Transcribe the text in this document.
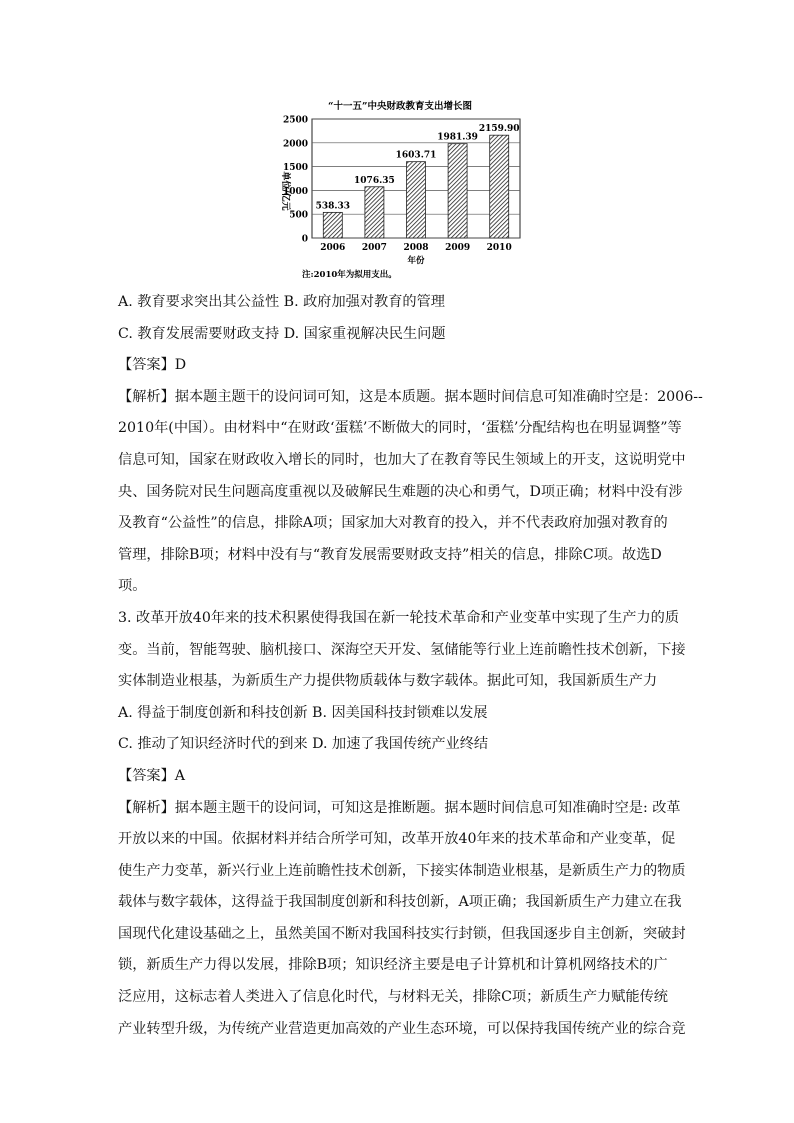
“十一五”中央财政教育支出增长图
单位/亿元
0
500
1000
1500
2000
2500
538.33
1076.35
1603.71
1981.39
2159.90
2006 2007 2008 2009 2010
年份
注:2010年为拟用支出。
A. 教育要求突出其公益性 B. 政府加强对教育的管理
C. 教育发展需要财政支持 D. 国家重视解决民生问题
【答案】D
【解析】据本题主题干的设问词可知，这是本质题。据本题时间信息可知准确时空是：2006--
2010年(中国）。由材料中“在财政‘蛋糕’不断做大的同时，‘蛋糕’分配结构也在明显调整”等
信息可知，国家在财政收入增长的同时，也加大了在教育等民生领域上的开支，这说明党中
央、国务院对民生问题高度重视以及破解民生难题的决心和勇气，D项正确；材料中没有涉
及教育“公益性”的信息，排除A项；国家加大对教育的投入，并不代表政府加强对教育的
管理，排除B项；材料中没有与“教育发展需要财政支持”相关的信息，排除C项。故选D
项。
3. 改革开放40年来的技术积累使得我国在新一轮技术革命和产业变革中实现了生产力的质
变。当前，智能驾驶、脑机接口、深海空天开发、氢储能等行业上连前瞻性技术创新，下接
实体制造业根基，为新质生产力提供物质载体与数字载体。据此可知，我国新质生产力
A. 得益于制度创新和科技创新 B. 因美国科技封锁难以发展
C. 推动了知识经济时代的到来 D. 加速了我国传统产业终结
【答案】A
【解析】据本题主题干的设问词，可知这是推断题。据本题时间信息可知准确时空是: 改革
开放以来的中国。依据材料并结合所学可知，改革开放40年来的技术革命和产业变革，促
使生产力变革，新兴行业上连前瞻性技术创新，下接实体制造业根基，是新质生产力的物质
载体与数字载体，这得益于我国制度创新和科技创新，A项正确；我国新质生产力建立在我
国现代化建设基础之上，虽然美国不断对我国科技实行封锁，但我国逐步自主创新，突破封
锁，新质生产力得以发展，排除B项；知识经济主要是电子计算机和计算机网络技术的广
泛应用，这标志着人类进入了信息化时代，与材料无关，排除C项；新质生产力赋能传统
产业转型升级，为传统产业营造更加高效的产业生态环境，可以保持我国传统产业的综合竞
